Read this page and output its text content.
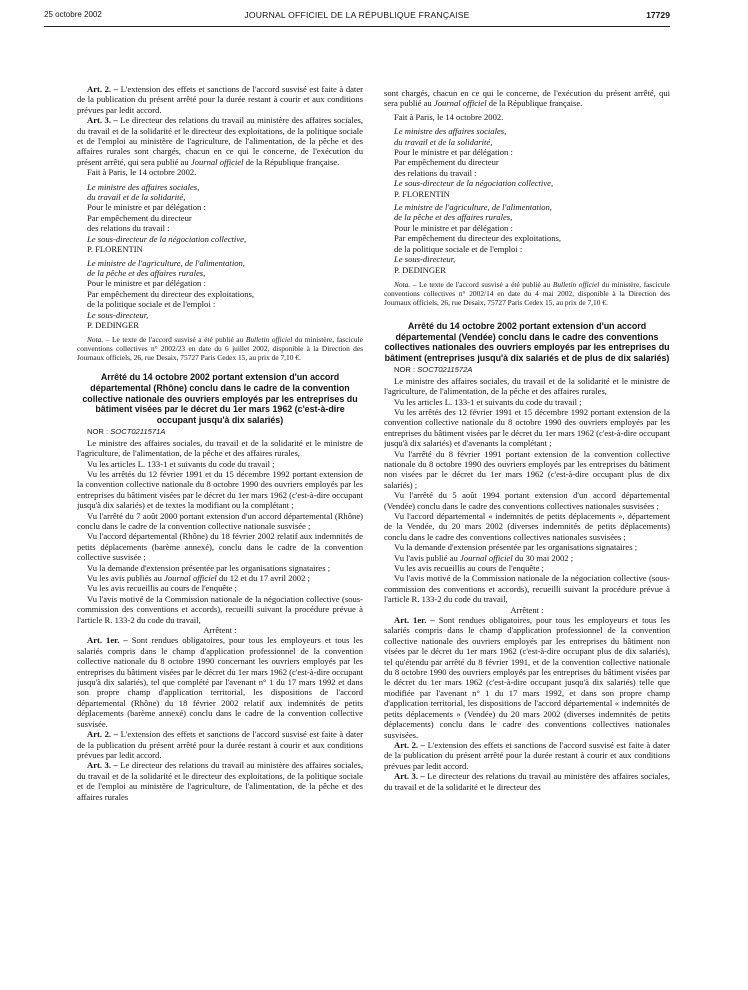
25 octobre 2002	JOURNAL OFFICIEL DE LA RÉPUBLIQUE FRANÇAISE	17729

Art. 2. – L'extension des effets et sanctions de l'accord susvisé est faite à dater de la publication du présent arrêté pour la durée restant à courir et aux conditions prévues par ledit accord.

Art. 3. – Le directeur des relations du travail au ministère des affaires sociales, du travail et de la solidarité et le directeur des exploitations, de la politique sociale et de l'emploi au ministère de l'agriculture, de l'alimentation, de la pêche et des affaires rurales sont chargés, chacun en ce qui le concerne, de l'exécution du présent arrêté, qui sera publié au Journal officiel de la République française.

Fait à Paris, le 14 octobre 2002.

Le ministre des affaires sociales,

du travail et de la solidarité,

Pour le ministre et par délégation :

Par empêchement du directeur

des relations du travail :

Le sous-directeur de la négociation collective,

P. FLORENTIN

Le ministre de l'agriculture, de l'alimentation,

de la pêche et des affaires rurales,

Pour le ministre et par délégation :

Par empêchement du directeur des exploitations,

de la politique sociale et de l'emploi :

Le sous-directeur,

P. DEDINGER

Nota. – Le texte de l'accord susvisé a été publié au Bulletin officiel du ministère, fascicule conventions collectives n° 2002/23 en date du 6 juillet 2002, disponible à la Direction des Journaux officiels, 26, rue Desaix, 75727 Paris Cedex 15, au prix de 7,10 €.

Arrêté du 14 octobre 2002 portant extension d'un accord départemental (Rhône) conclu dans le cadre de la convention collective nationale des ouvriers employés par les entreprises du bâtiment visées par le décret du 1er mars 1962 (c'est-à-dire occupant jusqu'à dix salariés)

NOR : SOCT0211571A

Le ministre des affaires sociales, du travail et de la solidarité et le ministre de l'agriculture, de l'alimentation, de la pêche et des affaires rurales,

Vu les articles L. 133-1 et suivants du code du travail ;

Vu les arrêtés du 12 février 1991 et du 15 décembre 1992 portant extension de la convention collective nationale du 8 octobre 1990 des ouvriers employés par les entreprises du bâtiment visées par le décret du 1er mars 1962 (c'est-à-dire occupant jusqu'à dix salariés) et de textes la modifiant ou la complétant ;

Vu l'arrêté du 7 août 2000 portant extension d'un accord départemental (Rhône) conclu dans le cadre de la convention collective nationale susvisée ;

Vu l'accord départemental (Rhône) du 18 février 2002 relatif aux indemnités de petits déplacements (barème annexé), conclu dans le cadre de la convention collective susvisée ;

Vu la demande d'extension présentée par les organisations signataires ;

Vu les avis publiés au Journal officiel du 12 et du 17 avril 2002 ;

Vu les avis recueillis au cours de l'enquête ;

Vu l'avis motivé de la Commission nationale de la négociation collective (sous-commission des conventions et accords), recueilli suivant la procédure prévue à l'article R. 133-2 du code du travail,

Arrêtent :

Art. 1er. – Sont rendues obligatoires, pour tous les employeurs et tous les salariés compris dans le champ d'application professionnel de la convention collective nationale du 8 octobre 1990 concernant les ouvriers employés par les entreprises du bâtiment visées par le décret du 1er mars 1962 (c'est-à-dire occupant jusqu'à dix salariés), tel que complété par l'avenant n° 1 du 17 mars 1992 et dans son propre champ d'application territorial, les dispositions de l'accord départemental (Rhône) du 18 février 2002 relatif aux indemnités de petits déplacements (barème annexé) conclu dans le cadre de la convention collective susvisée.

Art. 2. – L'extension des effets et sanctions de l'accord susvisé est faite à dater de la publication du présent arrêté pour la durée restant à courir et aux conditions prévues par ledit accord.

Art. 3. – Le directeur des relations du travail au ministère des affaires sociales, du travail et de la solidarité et le directeur des exploitations, de la politique sociale et de l'emploi au ministère de l'agriculture, de l'alimentation, de la pêche et des affaires rurales

sont chargés, chacun en ce qui le concerne, de l'exécution du présent arrêté, qui sera publié au Journal officiel de la République française.

Fait à Paris, le 14 octobre 2002.

Le ministre des affaires sociales,

du travail et de la solidarité,

Pour le ministre et par délégation :

Par empêchement du directeur

des relations du travail :

Le sous-directeur de la négociation collective,

P. FLORENTIN

Le ministre de l'agriculture, de l'alimentation,

de la pêche et des affaires rurales,

Pour le ministre et par délégation :

Par empêchement du directeur des exploitations,

de la politique sociale et de l'emploi :

Le sous-directeur,

P. DEDINGER

Nota. – Le texte de l'accord susvisé a été publié au Bulletin officiel du ministère, fascicule conventions collectives n° 2002/14 en date du 4 mai 2002, disponible à la Direction des Journaux officiels, 26, rue Desaix, 75727 Paris Cedex 15, au prix de 7,10 €.

Arrêté du 14 octobre 2002 portant extension d'un accord départemental (Vendée) conclu dans le cadre des conventions collectives nationales des ouvriers employés par les entreprises du bâtiment (entreprises jusqu'à dix salariés et de plus de dix salariés)

NOR : SOCT0211572A

Le ministre des affaires sociales, du travail et de la solidarité et le ministre de l'agriculture, de l'alimentation, de la pêche et des affaires rurales,

Vu les articles L. 133-1 et suivants du code du travail ;

Vu les arrêtés des 12 février 1991 et 15 décembre 1992 portant extension de la convention collective nationale du 8 octobre 1990 des ouvriers employés par les entreprises du bâtiment visées par le décret du 1er mars 1962 (c'est-à-dire occupant jusqu'à dix salariés) et d'avenants la complétant ;

Vu l'arrêté du 8 février 1991 portant extension de la convention collective nationale du 8 octobre 1990 des ouvriers employés par les entreprises du bâtiment non visées par le décret du 1er mars 1962 (c'est-à-dire occupant plus de dix salariés) ;

Vu l'arrêté du 5 août 1994 portant extension d'un accord départemental (Vendée) conclu dans le cadre des conventions collectives nationales susvisées ;

Vu l'accord départemental « indemnités de petits déplacements », département de la Vendée, du 20 mars 2002 (diverses indemnités de petits déplacements) conclu dans le cadre des conventions collectives nationales susvisées ;

Vu la demande d'extension présentée par les organisations signataires ;

Vu l'avis publié au Journal officiel du 30 mai 2002 ;

Vu les avis recueillis au cours de l'enquête ;

Vu l'avis motivé de la Commission nationale de la négociation collective (sous-commission des conventions et accords), recueilli suivant la procédure prévue à l'article R. 133-2 du code du travail,

Arrêtent :

Art. 1er. – Sont rendues obligatoires, pour tous les employeurs et tous les salariés compris dans le champ d'application professionnel de la convention collective nationale des ouvriers employés par les entreprises du bâtiment non visées par le décret du 1er mars 1962 (c'est-à-dire occupant plus de dix salariés), tel qu'étendu par arrêté du 8 février 1991, et de la convention collective nationale du 8 octobre 1990 des ouvriers employés par les entreprises du bâtiment visées par le décret du 1er mars 1962 (c'est-à-dire occupant jusqu'à dix salariés) telle que modifiée par l'avenant n° 1 du 17 mars 1992, et dans son propre champ d'application territorial, les dispositions de l'accord départemental « indemnités de petits déplacements » (Vendée) du 20 mars 2002 (diverses indemnités de petits déplacements) conclu dans le cadre des conventions collectives nationales susvisées.

Art. 2. – L'extension des effets et sanctions de l'accord susvisé est faite à dater de la publication du présent arrêté pour la durée restant à courir et aux conditions prévues par ledit accord.

Art. 3. – Le directeur des relations du travail au ministère des affaires sociales, du travail et de la solidarité et le directeur des
